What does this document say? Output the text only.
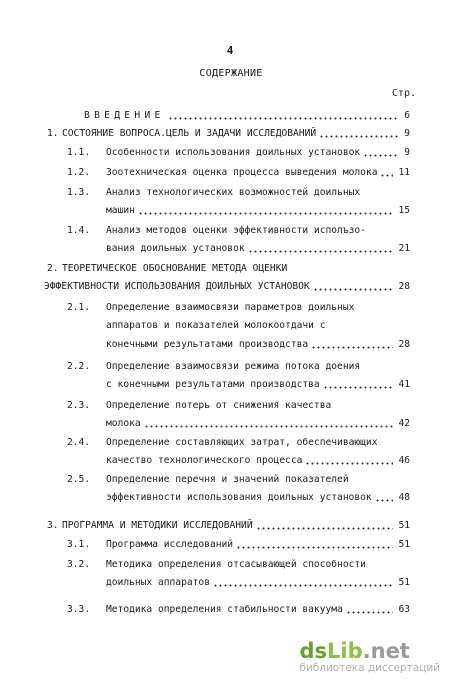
4
СОДЕРЖАНИЕ
Стр.
ВВЕДЕНИЕ	6
1. СОСТОЯНИЕ ВОПРОСА.ЦЕЛЬ И ЗАДАЧИ ИССЛЕДОВАНИЙ	9
1.1. Особенности использования доильных установок	9
1.2. Зоотехническая оценка процесса выведения молока 11
1.3. Анализ технологических возможностей доильных
машин	15
1.4. Анализ методов оценки эффективности исполъзо-
вания доильных установок	21
2. ТЕОРЕТИЧЕСКОЕ ОБОСНОВАНИЕ МЕТОДА ОЦЕНКИ
ЭФФЕКТИВНОСТИ ИСПОЛЬЗОВАНИЯ ДОИЛЬНЫХ УСТАНОВОК	28
2.1. Определение взаимосвязи параметров доильных
аппаратов и показателей молокоотдачи с
конечными результатами производства	28
2.2. Определение взаимосвязи режима потока доения
с конечными результатами производства	41
2.3. Определение потерь от снижения качества
молока	42
2.4. Определение составляющих затрат, обеспечивающих
качество технологического процесса	46
2.5. Определение перечня и значений показателей
эффективности использования доильных установок	48
3. ПРОГРАММА И МЕТОДИКИ ИССЛЕДОВАНИЙ	51
3.1. Программа исследований	51
3.2. Методика определения отсасывающей способности
доильных аппаратов	51
3.3. Методика определения стабильности вакуума	63
dsLib.net
библиотека диссертаций
